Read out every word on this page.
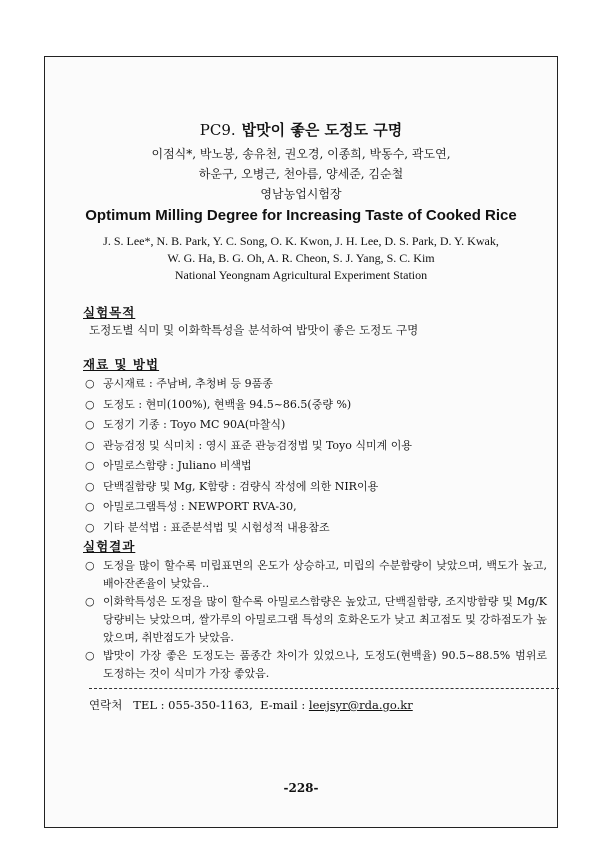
PC9. 밥맛이 좋은 도정도 구명
이점식*, 박노봉, 송유천, 권오경, 이종희, 박동수, 곽도연,
하운구, 오병근, 천아름, 양세준, 김순철
영남농업시험장
Optimum Milling Degree for Increasing Taste of Cooked Rice
J. S. Lee*, N. B. Park, Y. C. Song, O. K. Kwon, J. H. Lee, D. S. Park, D. Y. Kwak,
W. G. Ha, B. G. Oh, A. R. Cheon, S. J. Yang, S. C. Kim
National Yeongnam Agricultural Experiment Station
실험목적
도정도별 식미 및 이화학특성을 분석하여 밥맛이 좋은 도정도 구명
재료 및 방법
○ 공시재료 : 주남벼, 추청벼 등 9품종
○ 도정도 : 현미(100%), 현백율 94.5~86.5(중량 %)
○ 도정기 기종 : Toyo MC 90A(마찰식)
○ 관능검정 및 식미치 : 영시 표준 관능검정법 및 Toyo 식미계 이용
○ 아밀로스함량 : Juliano 비색법
○ 단백질함량 및 Mg, K함량 : 검량식 작성에 의한 NIR이용
○ 아밀로그램특성 : NEWPORT RVA-30,
○ 기타 분석법 : 표준분석법 및 시험성적 내용참조
실험결과
○ 도정을 많이 할수록 미립표면의 온도가 상승하고, 미립의 수분함량이 낮았으며, 백도가 높고, 배아잔존율이 낮았음..
○ 이화학특성은 도정을 많이 할수록 아밀로스함량은 높았고, 단백질함량, 조지방함량 및 Mg/K 당량비는 낮았으며, 쌀가루의 아밀로그램 특성의 호화온도가 낮고 최고점도 및 강하점도가 높았으며, 취반점도가 낮았음.
○ 밥맛이 가장 좋은 도정도는 품종간 차이가 있었으나, 도정도(현백율) 90.5~88.5% 범위로 도정하는 것이 식미가 가장 좋았음.
연락처 TEL : 055-350-1163, E-mail : leejsyr@rda.go.kr
-228-
